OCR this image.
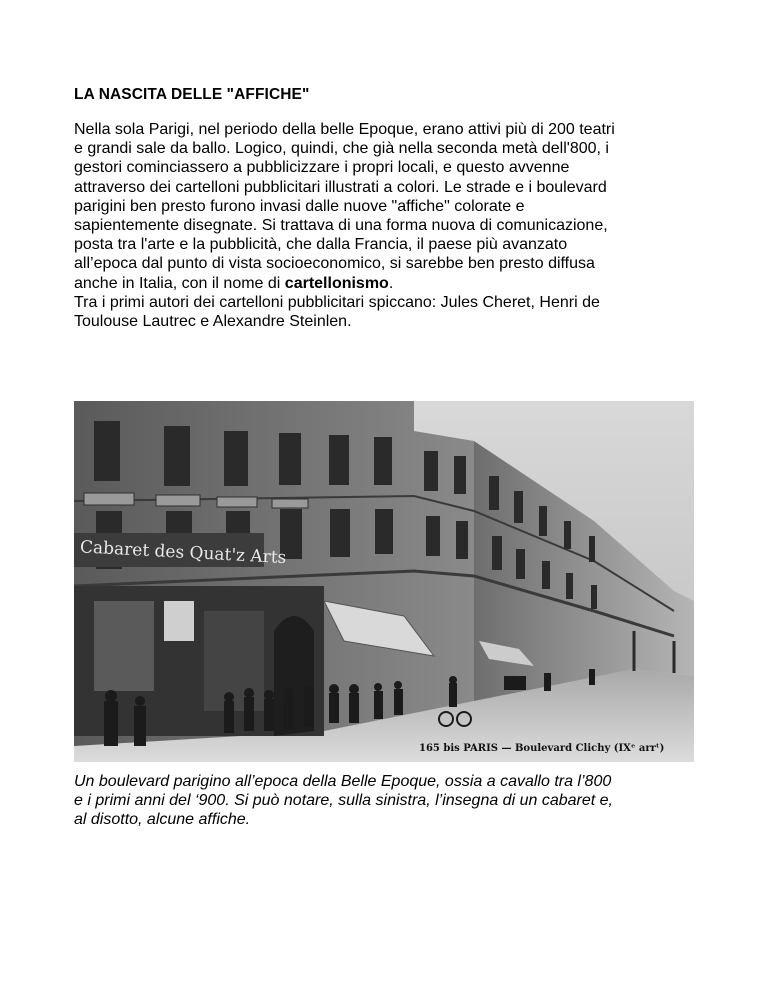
LA NASCITA DELLE "AFFICHE"
Nella sola Parigi, nel periodo della belle Epoque, erano attivi più di 200 teatri
e grandi sale da ballo. Logico, quindi, che già nella seconda metà dell'800, i
gestori cominciassero a pubblicizzare i propri locali, e questo avvenne
attraverso dei cartelloni pubblicitari illustrati a colori. Le strade e i boulevard
parigini ben presto furono invasi dalle nuove "affiche" colorate e
sapientemente disegnate. Si trattava di una forma nuova di comunicazione,
posta tra l'arte e la pubblicità, che dalla Francia, il paese più avanzato
all’epoca dal punto di vista socioeconomico, si sarebbe ben presto diffusa
anche in Italia, con il nome di cartellonismo.
Tra i primi autori dei cartelloni pubblicitari spiccano: Jules Cheret, Henri de
Toulouse Lautrec e Alexandre Steinlen.
Cabaret des Quat'z Arts
165 bis PARIS — Boulevard Clichy (IXᵉ arrᵗ)
Un boulevard parigino all’epoca della Belle Epoque, ossia a cavallo tra l’800
e i primi anni del ‘900. Si può notare, sulla sinistra, l’insegna di un cabaret e,
al disotto, alcune affiche.
